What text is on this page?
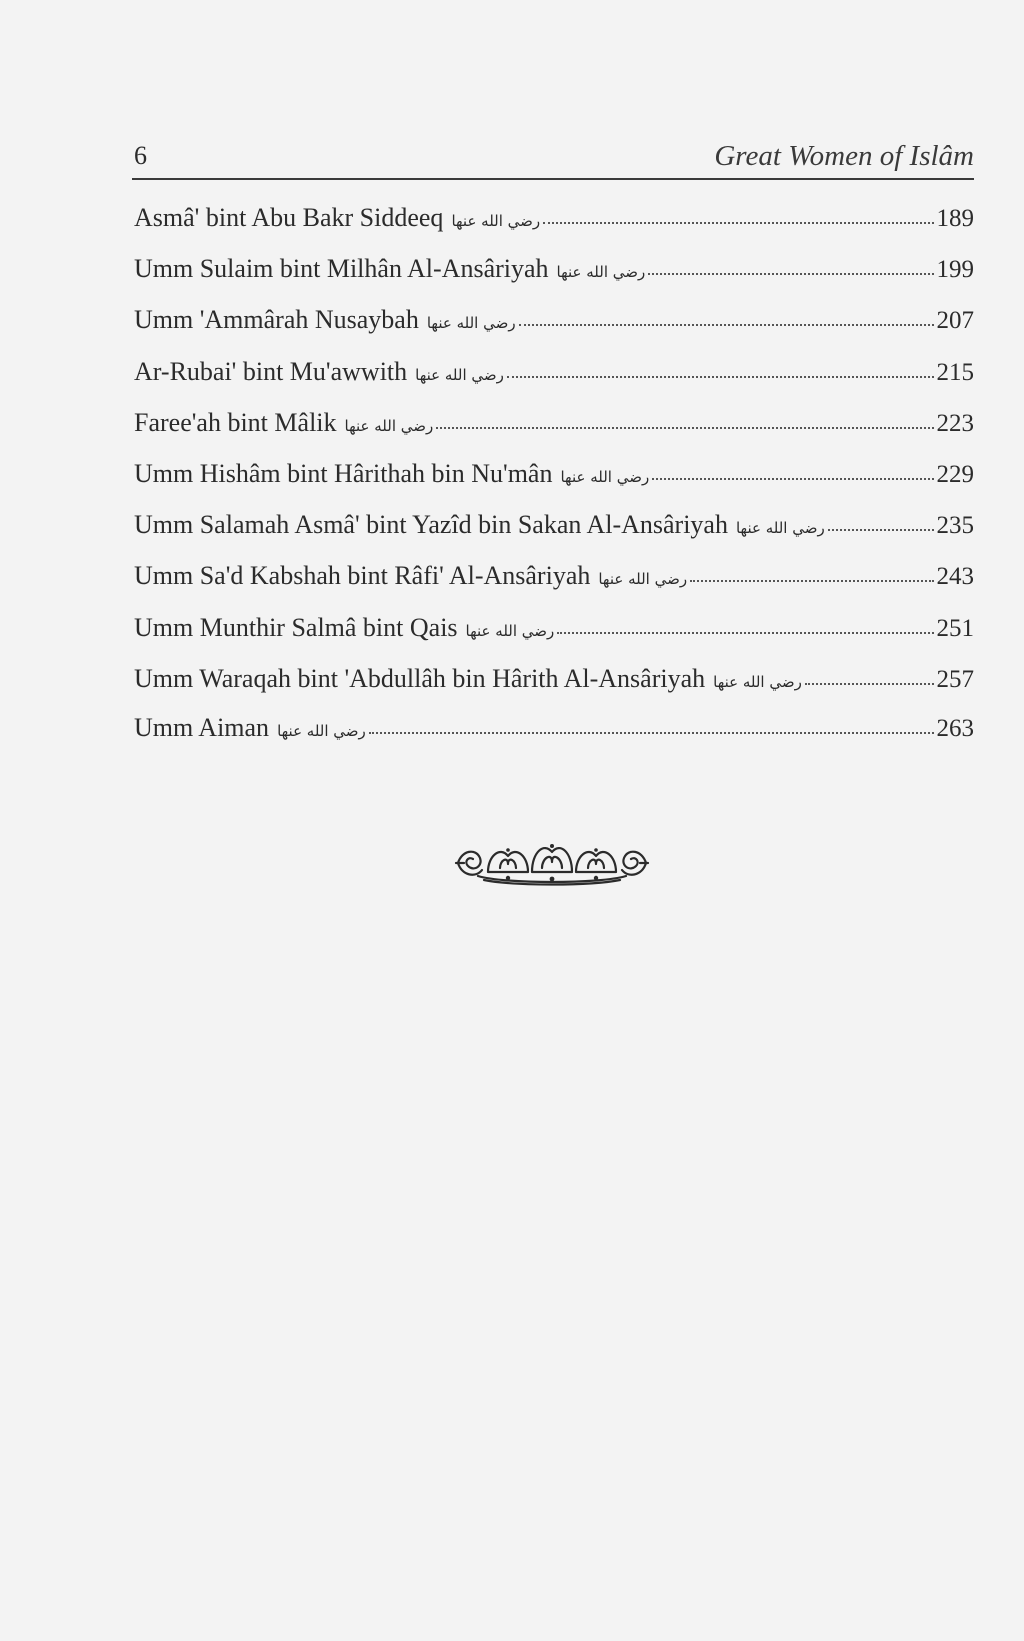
6	Great Women of Islâm
Asmâ' bint Abu Bakr Siddeeq رضي الله عنها	189
Umm Sulaim bint Milhân Al-Ansâriyah رضي الله عنها	199
Umm 'Ammârah Nusaybah رضي الله عنها	207
Ar-Rubai' bint Mu'awwith رضي الله عنها	215
Faree'ah bint Mâlik رضي الله عنها	223
Umm Hishâm bint Hârithah bin Nu'mân رضي الله عنها	229
Umm Salamah Asmâ' bint Yazîd bin Sakan Al-Ansâriyah رضي الله عنها	235
Umm Sa'd Kabshah bint Râfi' Al-Ansâriyah رضي الله عنها	243
Umm Munthir Salmâ bint Qais رضي الله عنها	251
Umm Waraqah bint 'Abdullâh bin Hârith Al-Ansâriyah رضي الله عنها	257
Umm Aiman رضي الله عنها	263
